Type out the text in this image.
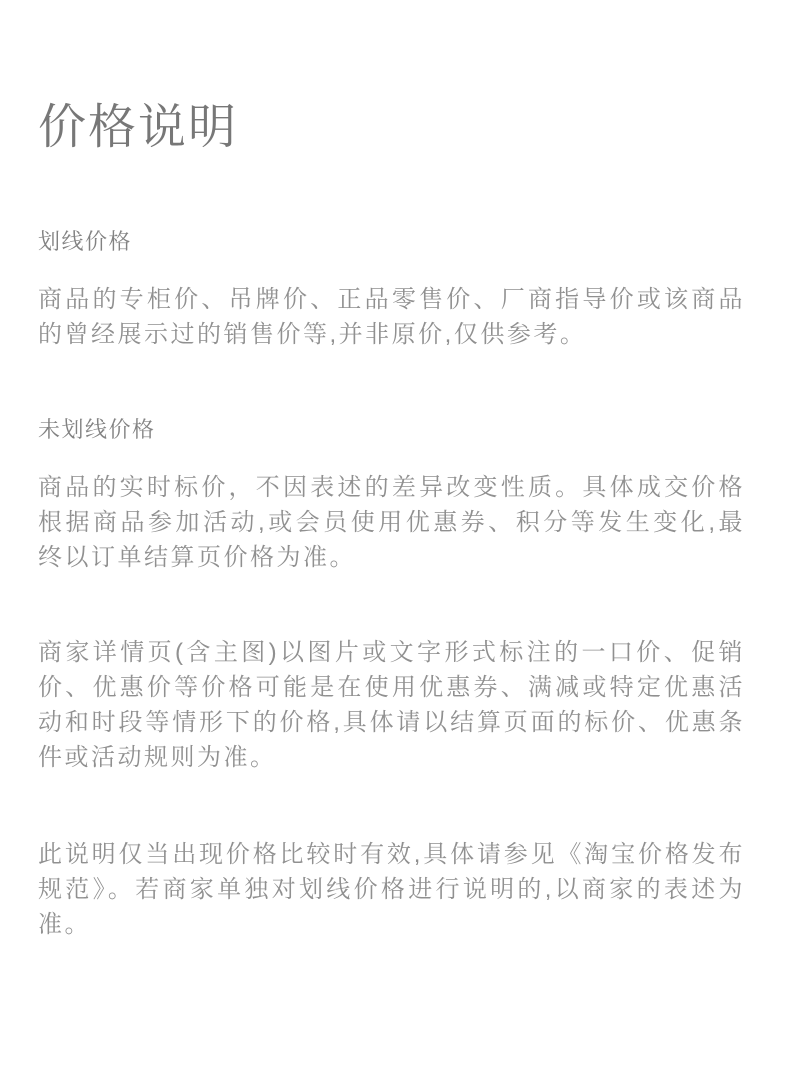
价格说明
划线价格

商品的专柜价、吊牌价、正品零售价、厂商指导价或该商品的曾经展示过的销售价等,并非原价,仅供参考。

未划线价格

商品的实时标价，不因表述的差异改变性质。具体成交价格根据商品参加活动,或会员使用优惠券、积分等发生变化,最终以订单结算页价格为准。

商家详情页(含主图)以图片或文字形式标注的一口价、促销价、优惠价等价格可能是在使用优惠券、满减或特定优惠活动和时段等情形下的价格,具体请以结算页面的标价、优惠条件或活动规则为准。

此说明仅当出现价格比较时有效,具体请参见《淘宝价格发布规范》。若商家单独对划线价格进行说明的,以商家的表述为准。
